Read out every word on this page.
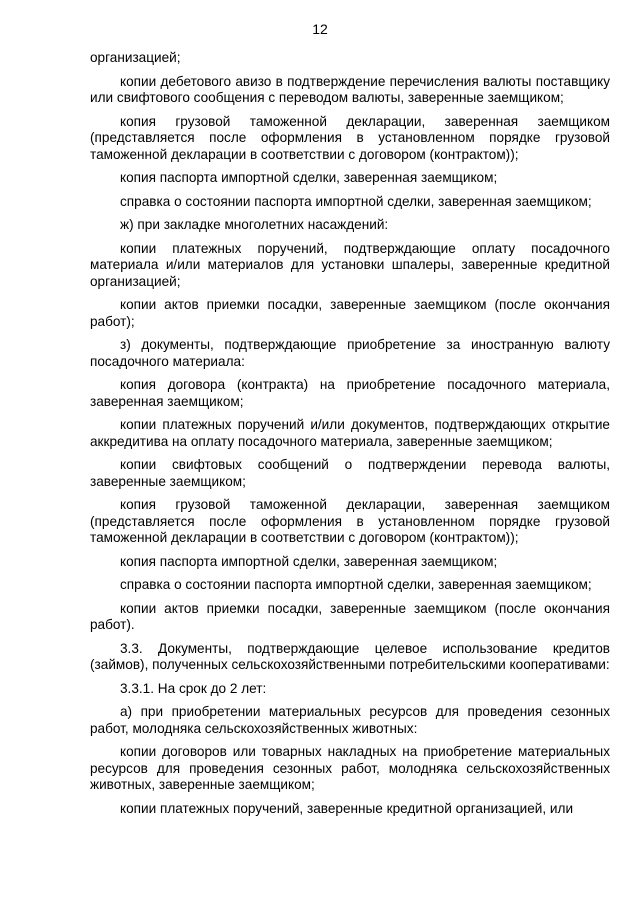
12

организацией;

копии дебетового авизо в подтверждение перечисления валюты поставщику или свифтового сообщения с переводом валюты, заверенные заемщиком;

копия грузовой таможенной декларации, заверенная заемщиком (представляется после оформления в установленном порядке грузовой таможенной декларации в соответствии с договором (контрактом));

копия паспорта импортной сделки, заверенная заемщиком;

справка о состоянии паспорта импортной сделки, заверенная заемщиком;

ж) при закладке многолетних насаждений:

копии платежных поручений, подтверждающие оплату посадочного материала и/или материалов для установки шпалеры, заверенные кредитной организацией;

копии актов приемки посадки, заверенные заемщиком (после окончания работ);

з) документы, подтверждающие приобретение за иностранную валюту посадочного материала:

копия договора (контракта) на приобретение посадочного материала, заверенная заемщиком;

копии платежных поручений и/или документов, подтверждающих открытие аккредитива на оплату посадочного материала, заверенные заемщиком;

копии свифтовых сообщений о подтверждении перевода валюты, заверенные заемщиком;

копия грузовой таможенной декларации, заверенная заемщиком (представляется после оформления в установленном порядке грузовой таможенной декларации в соответствии с договором (контрактом));

копия паспорта импортной сделки, заверенная заемщиком;

справка о состоянии паспорта импортной сделки, заверенная заемщиком;

копии актов приемки посадки, заверенные заемщиком (после окончания работ).

3.3. Документы, подтверждающие целевое использование кредитов (займов), полученных сельскохозяйственными потребительскими кооперативами:

3.3.1. На срок до 2 лет:

а) при приобретении материальных ресурсов для проведения сезонных работ, молодняка сельскохозяйственных животных:

копии договоров или товарных накладных на приобретение материальных ресурсов для проведения сезонных работ, молодняка сельскохозяйственных животных, заверенные заемщиком;

копии платежных поручений, заверенные кредитной организацией, или
